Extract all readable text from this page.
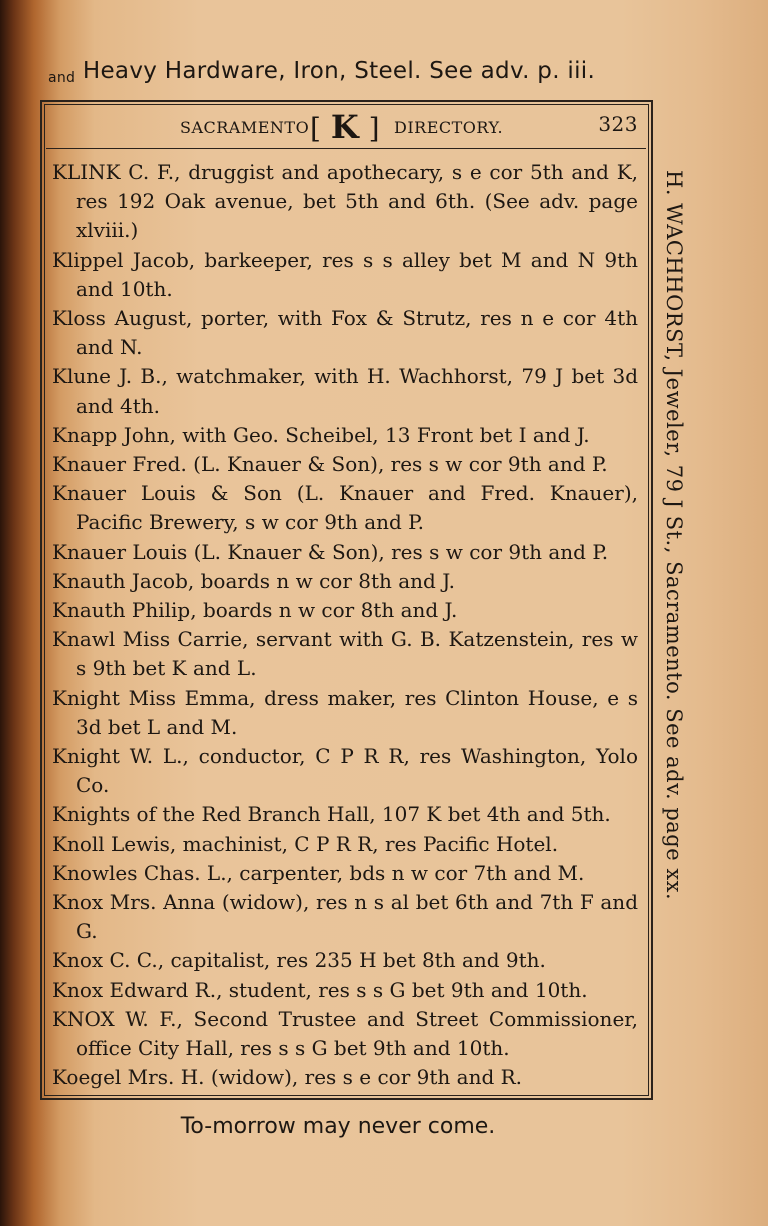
and Heavy Hardware, Iron, Steel. See adv. p. iii.
SACRAMENTO [ K ] DIRECTORY.	323

KLINK C. F., druggist and apothecary, s e cor 5th and K, res 192 Oak avenue, bet 5th and 6th. (See adv. page xlviii.)

Klippel Jacob, barkeeper, res s s alley bet M and N 9th and 10th.

Kloss August, porter, with Fox & Strutz, res n e cor 4th and N.

Klune J. B., watchmaker, with H. Wachhorst, 79 J bet 3d and 4th.

Knapp John, with Geo. Scheibel, 13 Front bet I and J.

Knauer Fred. (L. Knauer & Son), res s w cor 9th and P.

Knauer Louis & Son (L. Knauer and Fred. Knauer), Pacific Brewery, s w cor 9th and P.

Knauer Louis (L. Knauer & Son), res s w cor 9th and P.

Knauth Jacob, boards n w cor 8th and J.

Knauth Philip, boards n w cor 8th and J.

Knawl Miss Carrie, servant with G. B. Katzenstein, res w s 9th bet K and L.

Knight Miss Emma, dress maker, res Clinton House, e s 3d bet L and M.

Knight W. L., conductor, C P R R, res Washington, Yolo Co.

Knights of the Red Branch Hall, 107 K bet 4th and 5th.

Knoll Lewis, machinist, C P R R, res Pacific Hotel.

Knowles Chas. L., carpenter, bds n w cor 7th and M.

Knox Mrs. Anna (widow), res n s al bet 6th and 7th F and G.

Knox C. C., capitalist, res 235 H bet 8th and 9th.

Knox Edward R., student, res s s G bet 9th and 10th.

KNOX W. F., Second Trustee and Street Commissioner, office City Hall, res s s G bet 9th and 10th.

Koegel Mrs. H. (widow), res s e cor 9th and R.

H. WACHHORST, Jeweler, 79 J St., Sacramento. See adv. page xx.
To-morrow may never come.
